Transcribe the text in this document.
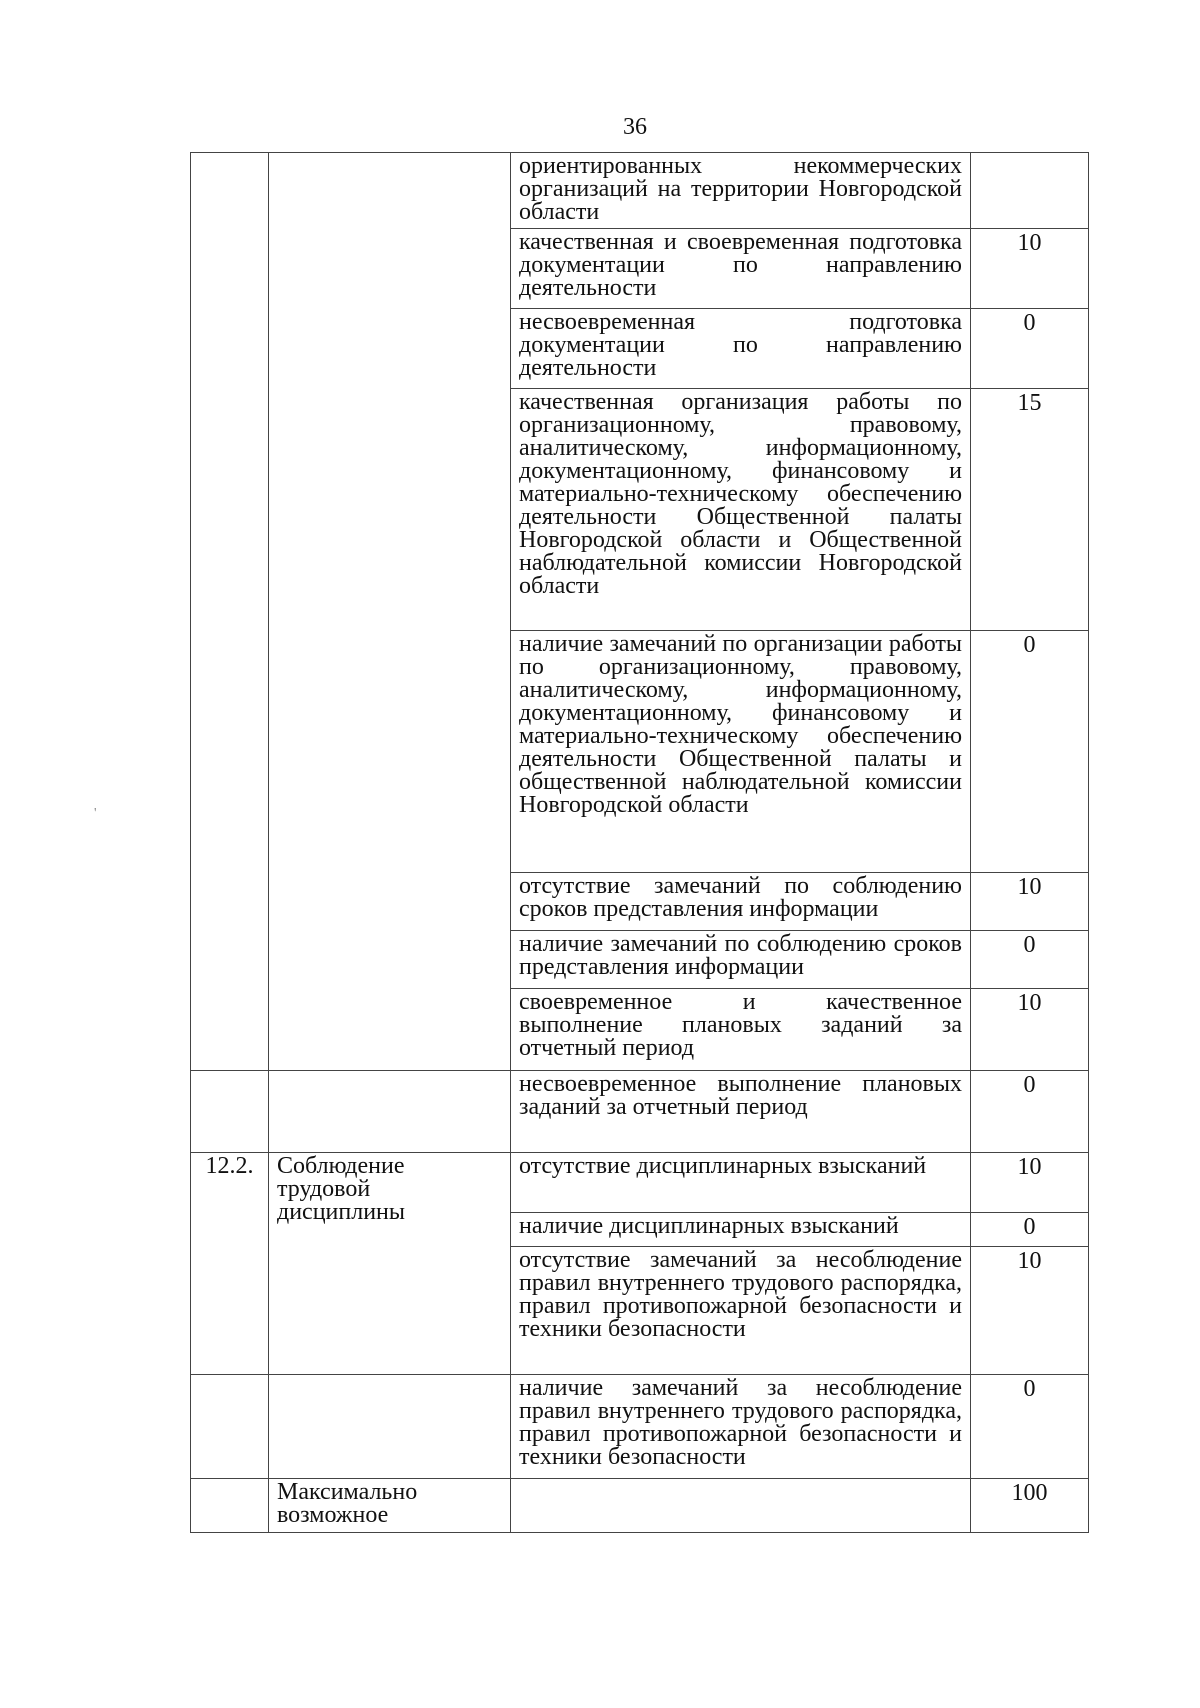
36
'
		ориентированных некоммерческих организаций на территории Новгородской области	
		качественная и своевременная подготовка документации по направлению деятельности	10
		несвоевременная подготовка документации по направлению деятельности	0
		качественная организация работы по организационному, правовому, аналитическому, информационному, документационному, финансовому и материально-техническому обеспечению деятельности Общественной палаты Новгородской области и Общественной наблюдательной комиссии Новгородской области	15
		наличие замечаний по организации работы по организационному, правовому, аналитическому, информационному, документационному, финансовому и материально-техническому обеспечению деятельности Общественной палаты и общественной наблюдательной комиссии Новгородской области	0
		отсутствие замечаний по соблюдению сроков представления информации	10
		наличие замечаний по соблюдению сроков представления информации	0
		своевременное и качественное выполнение плановых заданий за отчетный период	10
		несвоевременное выполнение плановых заданий за отчетный период	0
12.2.	Соблюдение трудовой дисциплины	отсутствие дисциплинарных взысканий	10
		наличие дисциплинарных взысканий	0
		отсутствие замечаний за несоблюдение правил внутреннего трудового распорядка, правил противопожарной безопасности и техники безопасности	10
		наличие замечаний за несоблюдение правил внутреннего трудового распорядка, правил противопожарной безопасности и техники безопасности	0
	Максимально возможное		100
